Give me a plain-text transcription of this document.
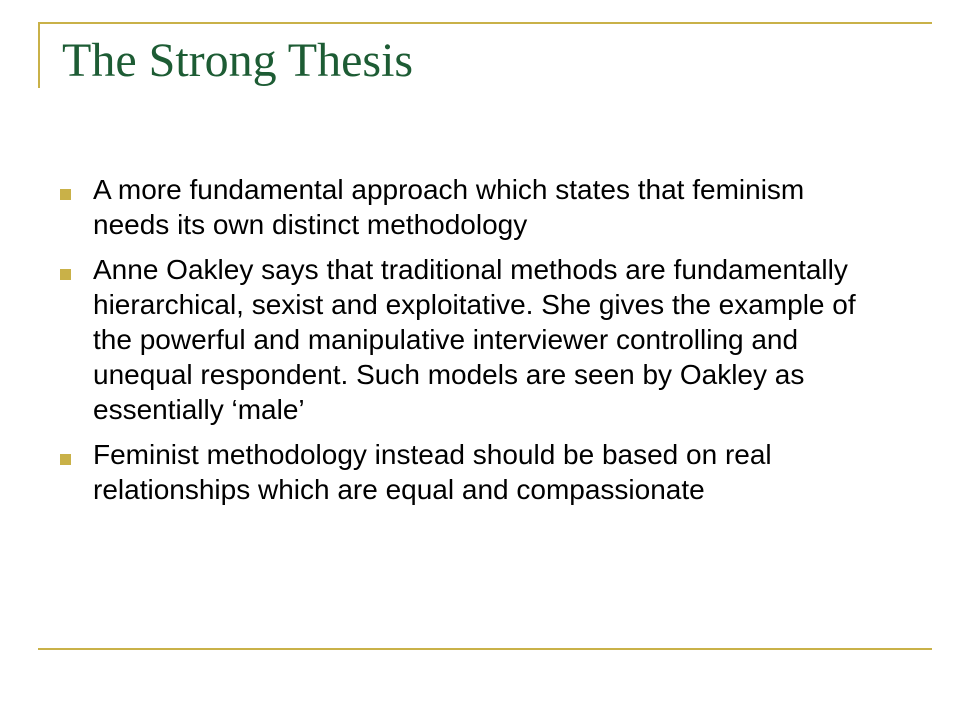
The Strong Thesis
A more fundamental approach which states that feminism needs its own distinct methodology
Anne Oakley says that traditional methods are fundamentally hierarchical, sexist and exploitative. She gives the example of the powerful and manipulative interviewer controlling and unequal respondent. Such models are seen by Oakley as essentially ‘male’
Feminist methodology instead should be based on real relationships which are equal and compassionate
